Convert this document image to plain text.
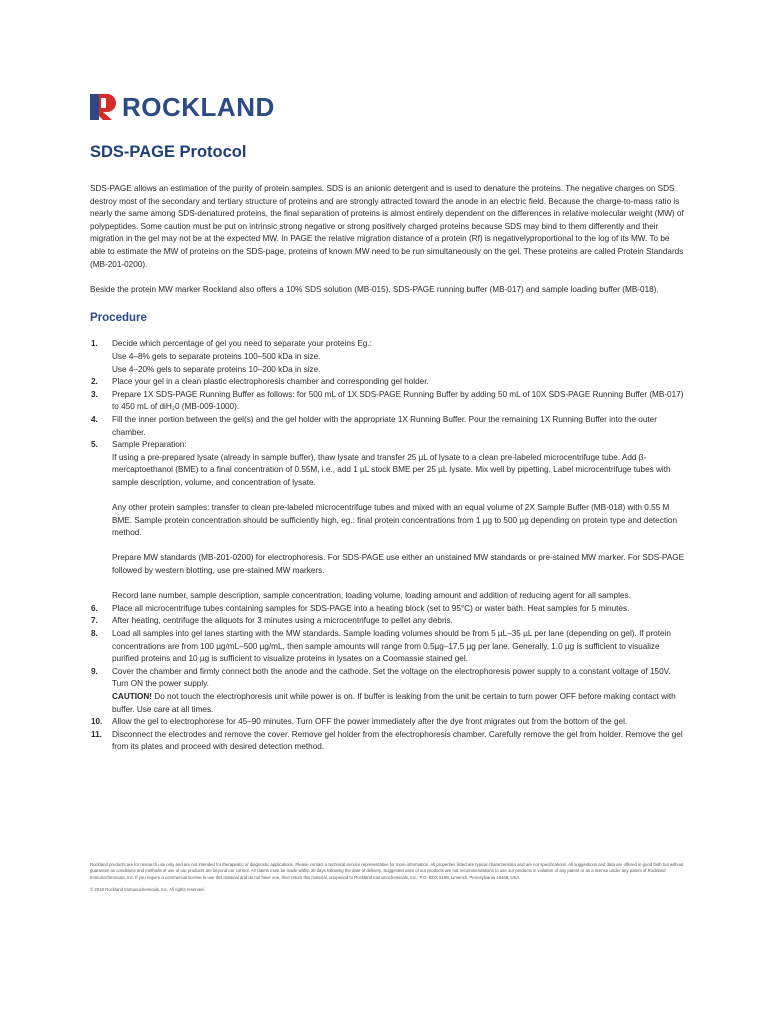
ROCKLAND
SDS-PAGE Protocol

SDS-PAGE allows an estimation of the purity of protein samples. SDS is an anionic detergent and is used to denature the proteins. The negative charges on SDS destroy most of the secondary and tertiary structure of proteins and are strongly attracted toward the anode in an electric field. Because the charge-to-mass ratio is nearly the same among SDS-denatured proteins, the final separation of proteins is almost entirely dependent on the differences in relative molecular weight (MW) of polypeptides. Some caution must be put on intrinsic strong negative or strong positively charged proteins because SDS may bind to them differently and their migration in the gel may not be at the expected MW. In PAGE the relative migration distance of a protein (Rf) is negativelyproportional to the log of its MW. To be able to estimate the MW of proteins on the SDS-page, proteins of known MW need to be run simultaneously on the gel. These proteins are called Protein Standards (MB-201-0200).

Beside the protein MW marker Rockland also offers a 10% SDS solution (MB-015), SDS-PAGE running buffer (MB-017) and sample loading buffer (MB-018).

Procedure
1. Decide which percentage of gel you need to separate your proteins Eg.:
Use 4–8% gels to separate proteins 100–500 kDa in size.
Use 4–20% gels to separate proteins 10–200 kDa in size.
2. Place your gel in a clean plastic electrophoresis chamber and corresponding gel holder.
3. Prepare 1X SDS-PAGE Running Buffer as follows: for 500 mL of 1X SDS-PAGE Running Buffer by adding 50 mL of 10X SDS-PAGE Running Buffer (MB-017) to 450 mL of diH₂0 (MB-009-1000).
4. Fill the inner portion between the gel(s) and the gel holder with the appropriate 1X Running Buffer. Pour the remaining 1X Running Buffer into the outer chamber.
5. Sample Preparation:
If using a pre-prepared lysate (already in sample buffer), thaw lysate and transfer 25 µL of lysate to a clean pre-labeled microcentrifuge tube. Add β-mercaptoethanol (BME) to a final concentration of 0.55M, i.e., add 1 µL stock BME per 25 µL lysate. Mix well by pipetting. Label microcentrifuge tubes with sample description, volume, and concentration of lysate.
Any other protein samples: transfer to clean pre-labeled microcentrifuge tubes and mixed with an equal volume of 2X Sample Buffer (MB-018) with 0.55 M BME. Sample protein concentration should be sufficiently high, eg.: final protein concentrations from 1 µg to 500 µg depending on protein type and detection method.
Prepare MW standards (MB-201-0200) for electrophoresis. For SDS-PAGE use either an unstained MW standards or pre-stained MW marker. For SDS-PAGE followed by western blotting, use pre-stained MW markers.
Record lane number, sample description, sample concentration, loading volume, loading amount and addition of reducing agent for all samples.
6. Place all microcentrifuge tubes containing samples for SDS-PAGE into a heating block (set to 95°C) or water bath. Heat samples for 5 minutes.
7. After heating, centrifuge the aliquots for 3 minutes using a microcentrifuge to pellet any debris.
8. Load all samples into gel lanes starting with the MW standards. Sample loading volumes should be from 5 µL–35 µL per lane (depending on gel). If protein concentrations are from 100 µg/mL–500 µg/mL, then sample amounts will range from 0.5µg–17.5 µg per lane. Generally, 1.0 µg is sufficient to visualize purified proteins and 10 µg is sufficient to visualize proteins in lysates on a Coomassie stained gel.
9. Cover the chamber and firmly connect both the anode and the cathode. Set the voltage on the electrophoresis power supply to a constant voltage of 150V. Turn ON the power supply.
CAUTION! Do not touch the electrophoresis unit while power is on. If buffer is leaking from the unit be certain to turn power OFF before making contact with buffer. Use care at all times.
10. Allow the gel to electrophorese for 45–90 minutes. Turn OFF the power immediately after the dye front migrates out from the bottom of the gel.
11. Disconnect the electrodes and remove the cover. Remove gel holder from the electrophoresis chamber. Carefully remove the gel from holder. Remove the gel from its plates and proceed with desired detection method.

Rockland products are for research use only and are not intended for therapeutic or diagnostic applications. Please contact a technical service representative for more information. All properties listed are typical characteristics and are not specifications. All suggestions and data are offered in good faith but without guarantee as conditions and methods of use of our products are beyond our control. All claims must be made within 30 days following the date of delivery. Suggested uses of our products are not recommendations to use our products in violation of any patent or as a license under any patent of Rockland Immunochemicals, Inc. If you require a commercial license to use this material and do not have one, then return this material, unopened to Rockland Immunochemicals, Inc., P.O. BOX 5199, Limerick, Pennsylvania 19468, USA.

© 2018 Rockland Immunochemicals, Inc. All rights reserved.
